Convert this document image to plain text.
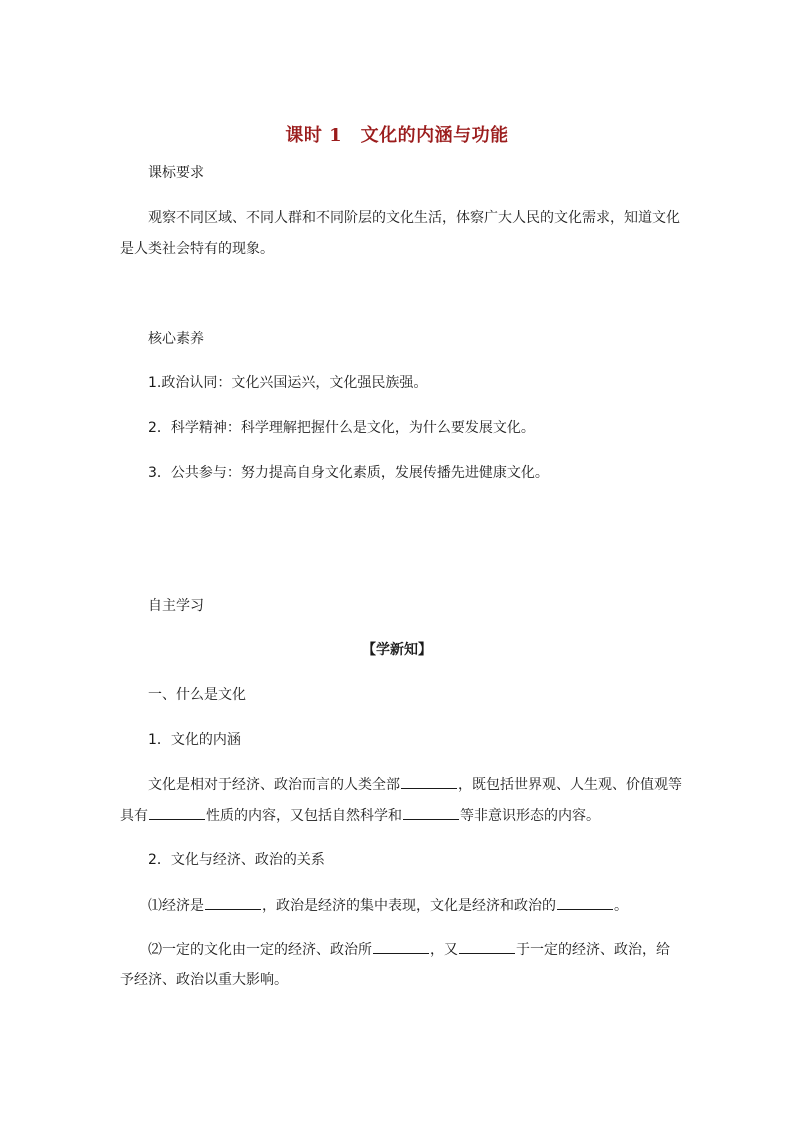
课时 1　文化的内涵与功能
课标要求
观察不同区域、不同人群和不同阶层的文化生活，体察广大人民的文化需求，知道文化
是人类社会特有的现象。
核心素养
1.政治认同：文化兴国运兴，文化强民族强。
2．科学精神：科学理解把握什么是文化，为什么要发展文化。
3．公共参与：努力提高自身文化素质，发展传播先进健康文化。
自主学习
【学新知】
一、什么是文化
1．文化的内涵
文化是相对于经济、政治而言的人类全部	，既包括世界观、人生观、价值观等
具有	性质的内容，又包括自然科学和	等非意识形态的内容。
2．文化与经济、政治的关系
⑴经济是	，政治是经济的集中表现，文化是经济和政治的	。
⑵一定的文化由一定的经济、政治所	，又	于一定的经济、政治，给
予经济、政治以重大影响。
